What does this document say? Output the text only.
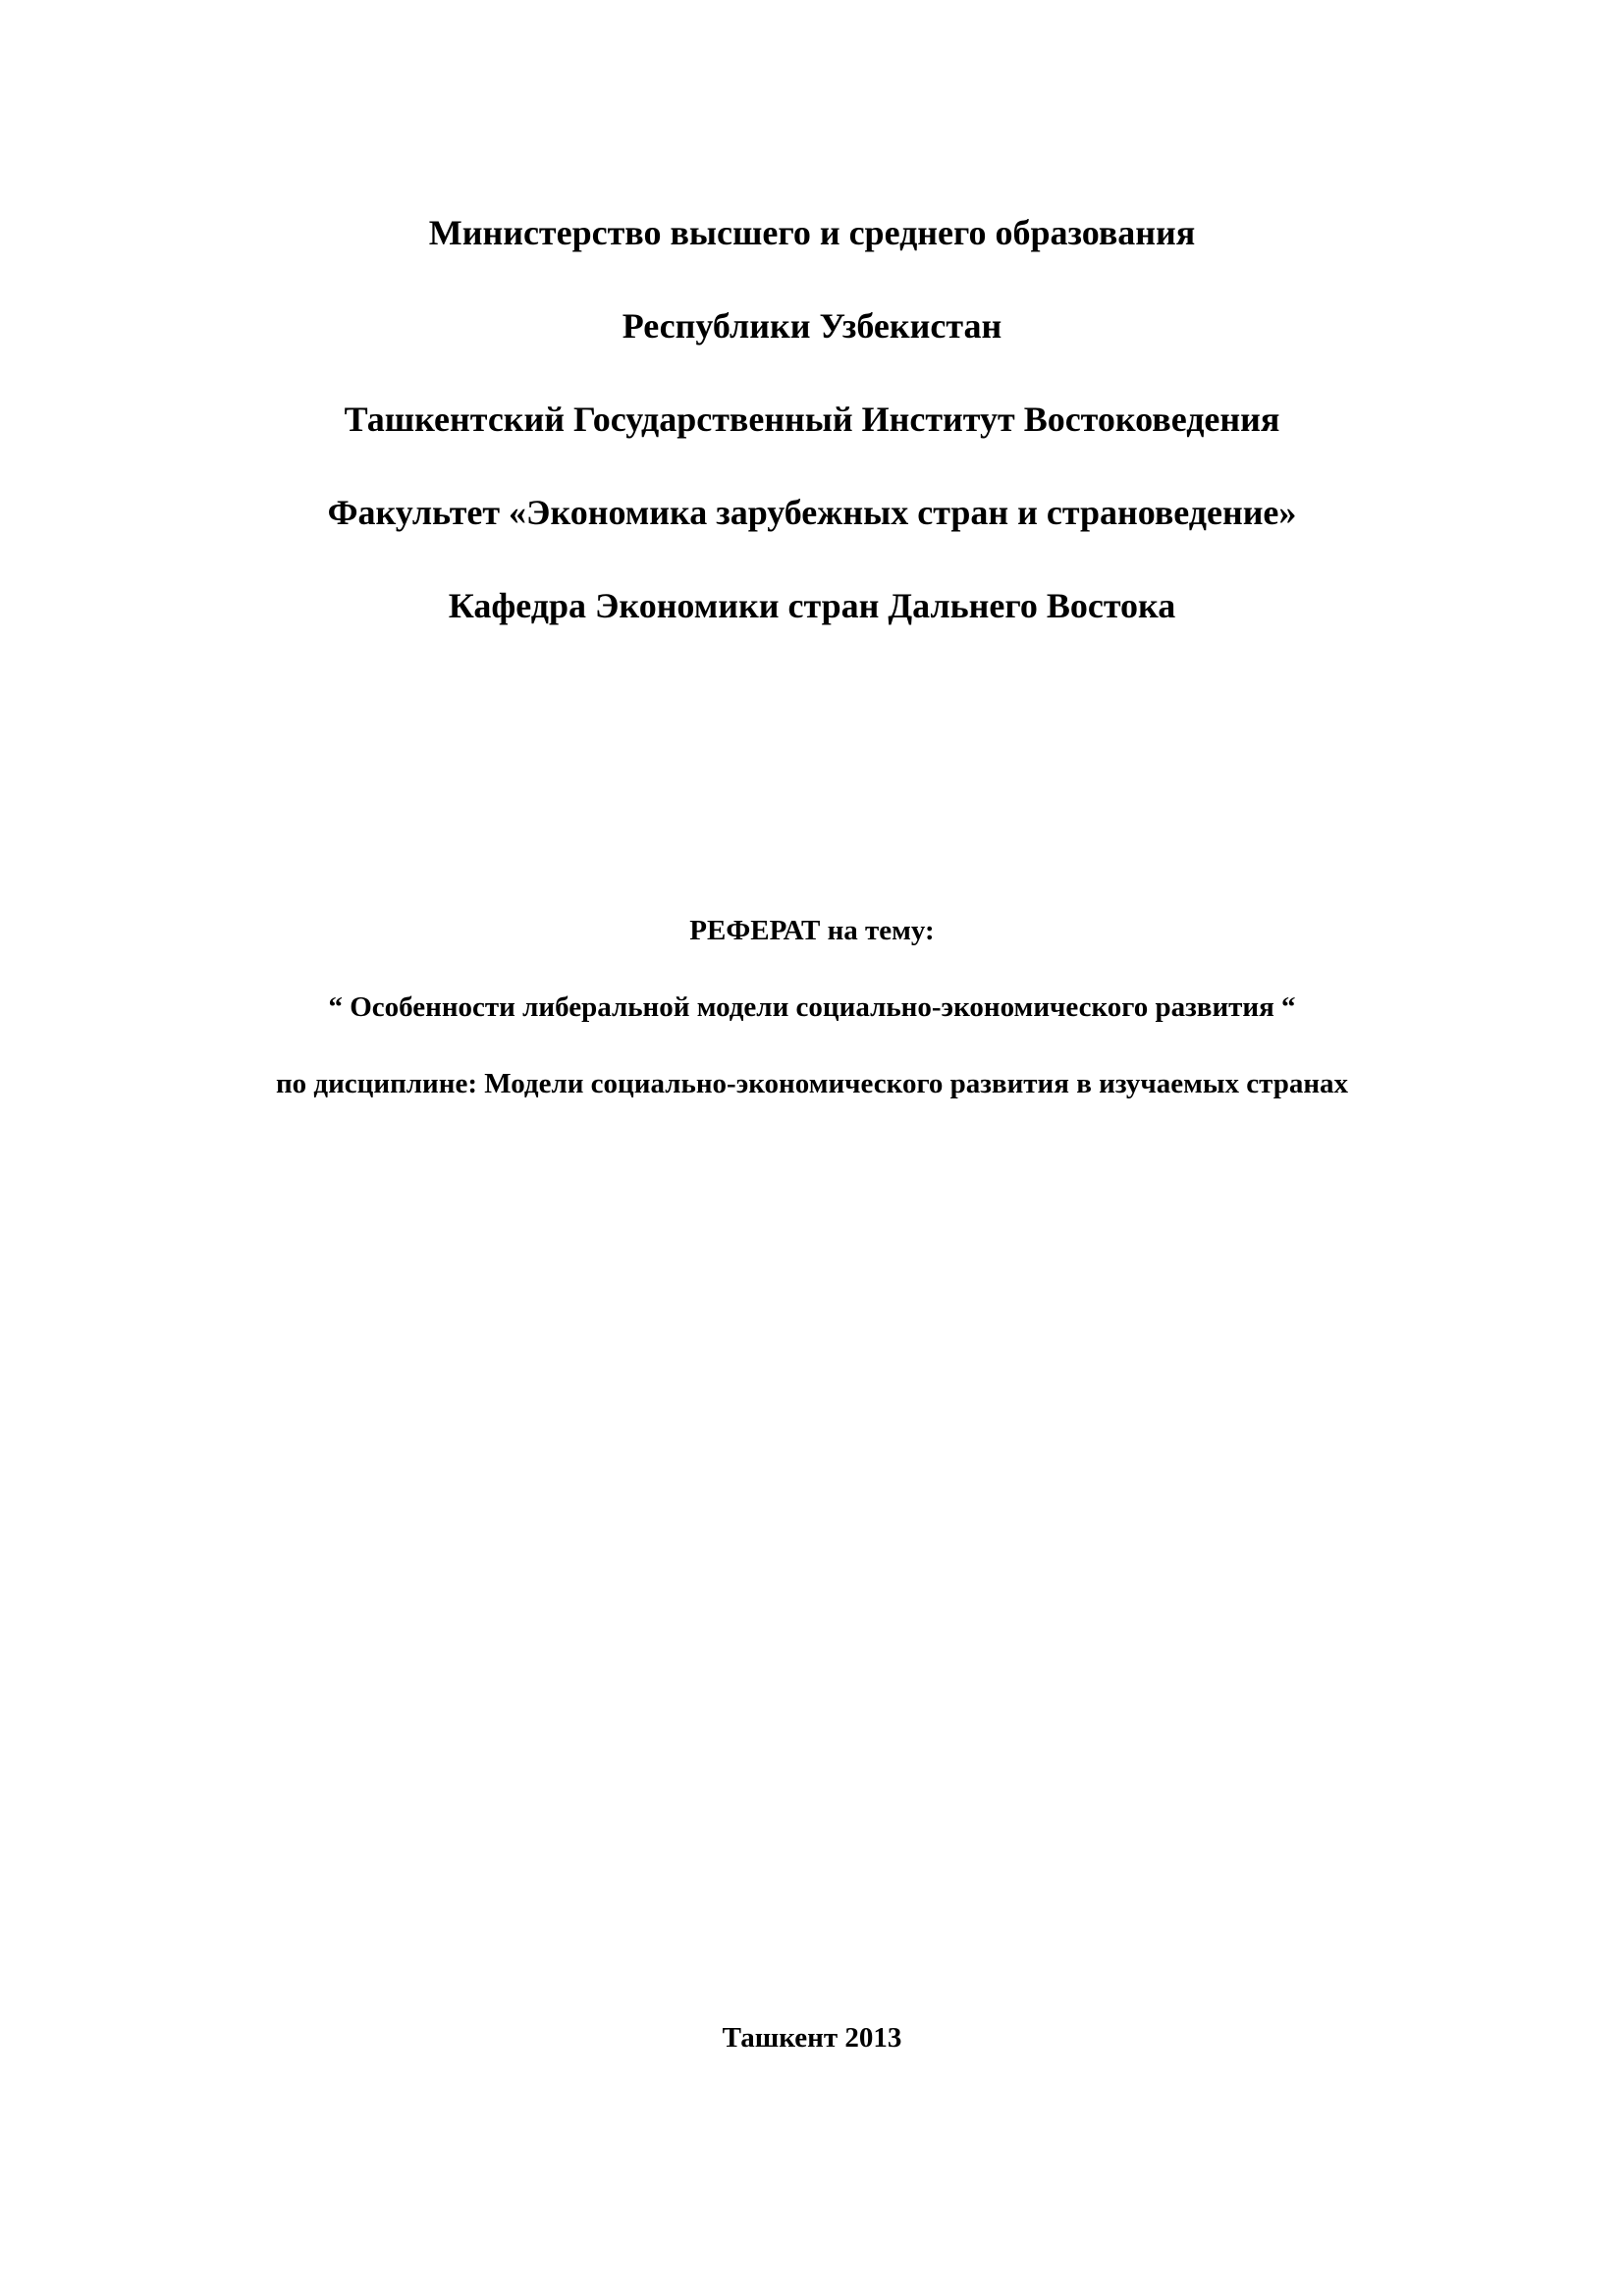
Министерство высшего и среднего образования
Республики Узбекистан
Ташкентский Государственный Институт Востоковедения
Факультет «Экономика зарубежных стран и страноведение»
Кафедра Экономики стран Дальнего Востока
РЕФЕРАТ на тему:
“ Особенности либеральной модели социально-экономического развития “
по дисциплине: Модели социально-экономического развития в изучаемых странах
Ташкент 2013
